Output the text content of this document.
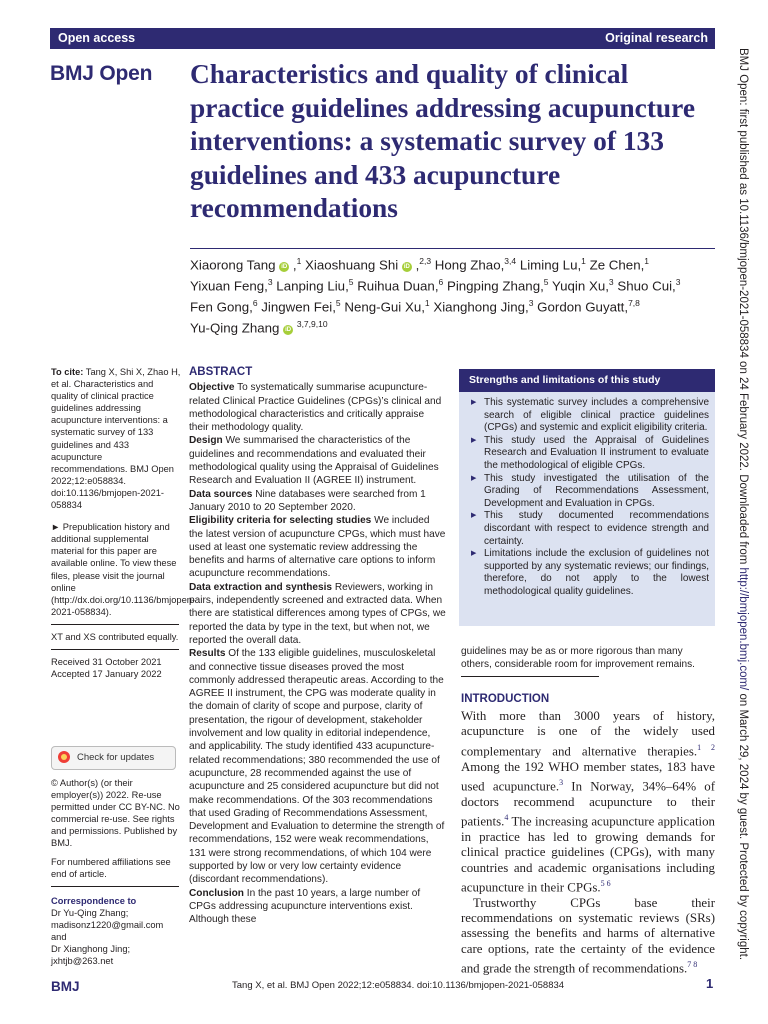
Open access	Original research
BMJ Open Characteristics and quality of clinical practice guidelines addressing acupuncture interventions: a systematic survey of 133 guidelines and 433 acupuncture recommendations
Xiaorong Tang iD ,$^1$ Xiaoshuang Shi iD ,$^{2,3}$ Hong Zhao,$^{3,4}$ Liming Lu,$^1$ Ze Chen,$^1$
Yixuan Feng,$^3$ Lanping Liu,$^5$ Ruihua Duan,$^6$ Pingping Zhang,$^5$ Yuqin Xu,$^3$ Shuo Cui,$^3$
Fen Gong,$^6$ Jingwen Fei,$^5$ Neng-Gui Xu,$^1$ Xianghong Jing,$^3$ Gordon Guyatt,$^{7,8}$
Yu-Qing Zhang iD $^{3,7,9,10}$

To cite: Tang X, Shi X, Zhao H, et al. Characteristics and quality of clinical practice guidelines addressing acupuncture interventions: a systematic survey of 133 guidelines and 433 acupuncture recommendations. BMJ Open 2022;12:e058834. doi:10.1136/bmjopen-2021-058834

► Prepublication history and additional supplemental material for this paper are available online. To view these files, please visit the journal online (http://dx.doi.org/10.1136/bmjopen-2021-058834).

XT and XS contributed equally.

Received 31 October 2021

Accepted 17 January 2022

Check for updates

© Author(s) (or their employer(s)) 2022. Re-use permitted under CC BY-NC. No commercial re-use. See rights and permissions. Published by BMJ.

For numbered affiliations see end of article.

Correspondence to

Dr Yu-Qing Zhang;

madisonz1220@gmail.com and

Dr Xianghong Jing;

jxhtjb@263.net

ABSTRACT

Objective To systematically summarise acupuncture-related Clinical Practice Guidelines (CPGs)’s clinical and methodological characteristics and critically appraise their methodology quality.

Design We summarised the characteristics of the guidelines and recommendations and evaluated their methodological quality using the Appraisal of Guidelines Research and Evaluation II (AGREE II) instrument.

Data sources Nine databases were searched from 1 January 2010 to 20 September 2020.

Eligibility criteria for selecting studies We included the latest version of acupuncture CPGs, which must have used at least one systematic review addressing the benefits and harms of alternative care options to inform acupuncture recommendations.

Data extraction and synthesis Reviewers, working in pairs, independently screened and extracted data. When there are statistical differences among types of CPGs, we reported the data by type in the text, but when not, we reported the overall data.

Results Of the 133 eligible guidelines, musculoskeletal and connective tissue diseases proved the most commonly addressed therapeutic areas. According to the AGREE II instrument, the CPG was moderate quality in the domain of clarity of scope and purpose, clarity of presentation, the rigour of development, stakeholder involvement and low quality in editorial independence, and applicability. The study identified 433 acupuncture-related recommendations; 380 recommended the use of acupuncture, 28 recommended against the use of acupuncture and 25 considered acupuncture but did not make recommendations. Of the 303 recommendations that used Grading of Recommendations Assessment, Development and Evaluation to determine the strength of recommendations, 152 were weak recommendations, 131 were strong recommendations, of which 104 were supported by low or very low certainty evidence (discordant recommendations).

Conclusion In the past 10 years, a large number of CPGs addressing acupuncture interventions exist. Although these

Strengths and limitations of this study
▶ This systematic survey includes a comprehensive search of eligible clinical practice guidelines (CPGs) and systemic and explicit eligibility criteria.
▶ This study used the Appraisal of Guidelines Research and Evaluation II instrument to evaluate the methodological of eligible CPGs.
▶ This study investigated the utilisation of the Grading of Recommendations Assessment, Development and Evaluation in CPGs.
▶ This study documented recommendations discordant with respect to evidence strength and certainty.
▶ Limitations include the exclusion of guidelines not supported by any systematic reviews; our findings, therefore, do not apply to the lowest methodological quality guidelines.
guidelines may be as or more rigorous than many others, considerable room for improvement remains.
INTRODUCTION

With more than 3000 years of history, acupuncture is one of the widely used complementary and alternative therapies.$^{1 2}$ Among the 192 WHO member states, 183 have used acupuncture.$^3$ In Norway, 34%–64% of doctors recommend acupuncture to their patients.$^4$ The increasing acupuncture application in practice has led to growing demands for clinical practice guidelines (CPGs), with many countries and academic organisations including acupuncture in their CPGs.$^{5 6}$

Trustworthy CPGs base their recommendations on systematic reviews (SRs) assessing the benefits and harms of alternative care options, rate the certainty of the evidence and grade the strength of recommendations.$^{7 8}$

BMJ Open: first published as 10.1136/bmjopen-2021-058834 on 24 February 2022. Downloaded from http://bmjopen.bmj.com/ on March 29, 2024 by guest. Protected by copyright.
BMJ	Tang X, et al. BMJ Open 2022;12:e058834. doi:10.1136/bmjopen-2021-058834	1
